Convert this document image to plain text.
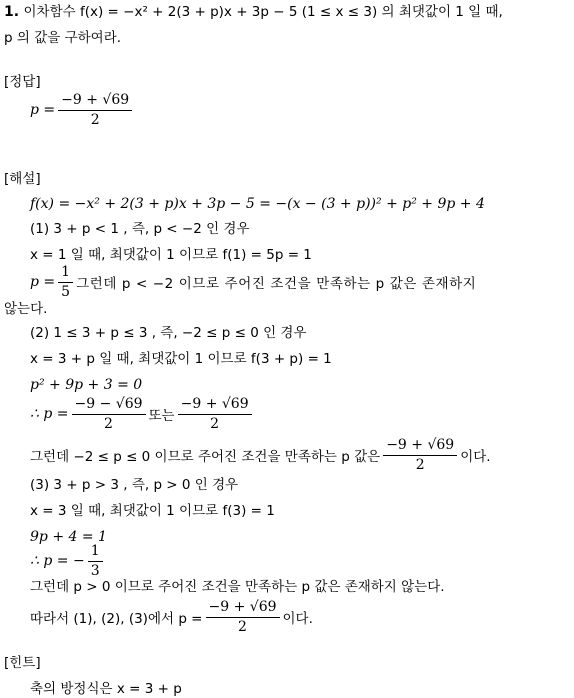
1. 이차함수 f(x) = −x² + 2(3 + p)x + 3p − 5 (1 ≤ x ≤ 3) 의 최댓값이 1 일 때,
p 의 값을 구하여라.
[정답]
$p = \frac{-9 + √69}{2}$
[해설]
f(x) = −x² + 2(3 + p)x + 3p − 5 = −(x − (3 + p))² + p² + 9p + 4
(1) 3 + p < 1 , 즉, p < −2 인 경우
x = 1 일 때, 최댓값이 1 이므로 f(1) = 5p = 1
$p = \frac{1}{5}$ 그런데 p < −2 이므로 주어진 조건을 만족하는 p 값은 존재하지
않는다.
(2) 1 ≤ 3 + p ≤ 3 , 즉, −2 ≤ p ≤ 0 인 경우
x = 3 + p 일 때, 최댓값이 1 이므로 f(3 + p) = 1
p² + 9p + 3 = 0
∴ $p = \frac{-9 - √69}{2}$ 또는 $\frac{-9 + √69}{2}$
그런데 −2 ≤ p ≤ 0 이므로 주어진 조건을 만족하는 p 값은 $\frac{-9 + √69}{2}$ 이다.
(3) 3 + p > 3 , 즉, p > 0 인 경우
x = 3 일 때, 최댓값이 1 이므로 f(3) = 1
9p + 4 = 1
∴ p = − $\frac{1}{3}$
그런데 p > 0 이므로 주어진 조건을 만족하는 p 값은 존재하지 않는다.
따라서 (1), (2), (3)에서 $p = \frac{-9 + √69}{2}$ 이다.
[힌트]
축의 방정식은 x = 3 + p
